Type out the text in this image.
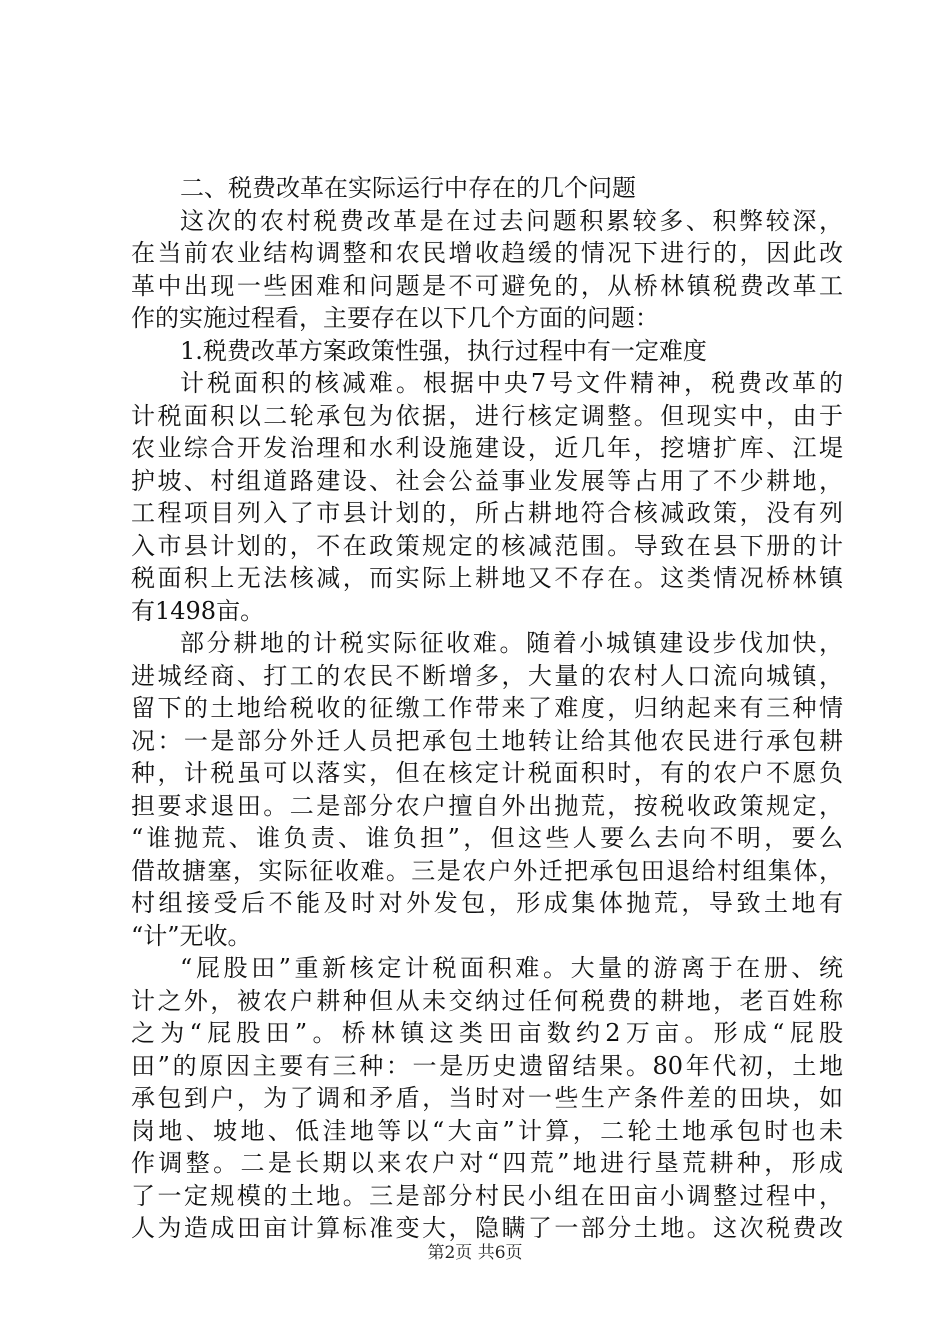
二、税费改革在实际运行中存在的几个问题
这次的农村税费改革是在过去问题积累较多、积弊较深，
在当前农业结构调整和农民增收趋缓的情况下进行的，因此改
革中出现一些困难和问题是不可避免的，从桥林镇税费改革工
作的实施过程看，主要存在以下几个方面的问题：
1.税费改革方案政策性强，执行过程中有一定难度
计税面积的核减难。根据中央7号文件精神，税费改革的
计税面积以二轮承包为依据，进行核定调整。但现实中，由于
农业综合开发治理和水利设施建设，近几年，挖塘扩库、江堤
护坡、村组道路建设、社会公益事业发展等占用了不少耕地，
工程项目列入了市县计划的，所占耕地符合核减政策，没有列
入市县计划的，不在政策规定的核减范围。导致在县下册的计
税面积上无法核减，而实际上耕地又不存在。这类情况桥林镇
有1498亩。
部分耕地的计税实际征收难。随着小城镇建设步伐加快，
进城经商、打工的农民不断增多，大量的农村人口流向城镇，
留下的土地给税收的征缴工作带来了难度，归纳起来有三种情
况：一是部分外迁人员把承包土地转让给其他农民进行承包耕
种，计税虽可以落实，但在核定计税面积时，有的农户不愿负
担要求退田。二是部分农户擅自外出抛荒，按税收政策规定，
“谁抛荒、谁负责、谁负担”，但这些人要么去向不明，要么
借故搪塞，实际征收难。三是农户外迁把承包田退给村组集体，
村组接受后不能及时对外发包，形成集体抛荒，导致土地有
“计”无收。
“屁股田”重新核定计税面积难。大量的游离于在册、统
计之外，被农户耕种但从未交纳过任何税费的耕地，老百姓称
之为“屁股田”。桥林镇这类田亩数约2万亩。形成“屁股
田”的原因主要有三种：一是历史遗留结果。80年代初，土地
承包到户，为了调和矛盾，当时对一些生产条件差的田块，如
岗地、坡地、低洼地等以“大亩”计算，二轮土地承包时也未
作调整。二是长期以来农户对“四荒”地进行垦荒耕种，形成
了一定规模的土地。三是部分村民小组在田亩小调整过程中，
人为造成田亩计算标准变大，隐瞒了一部分土地。这次税费改
第2页 共6页
